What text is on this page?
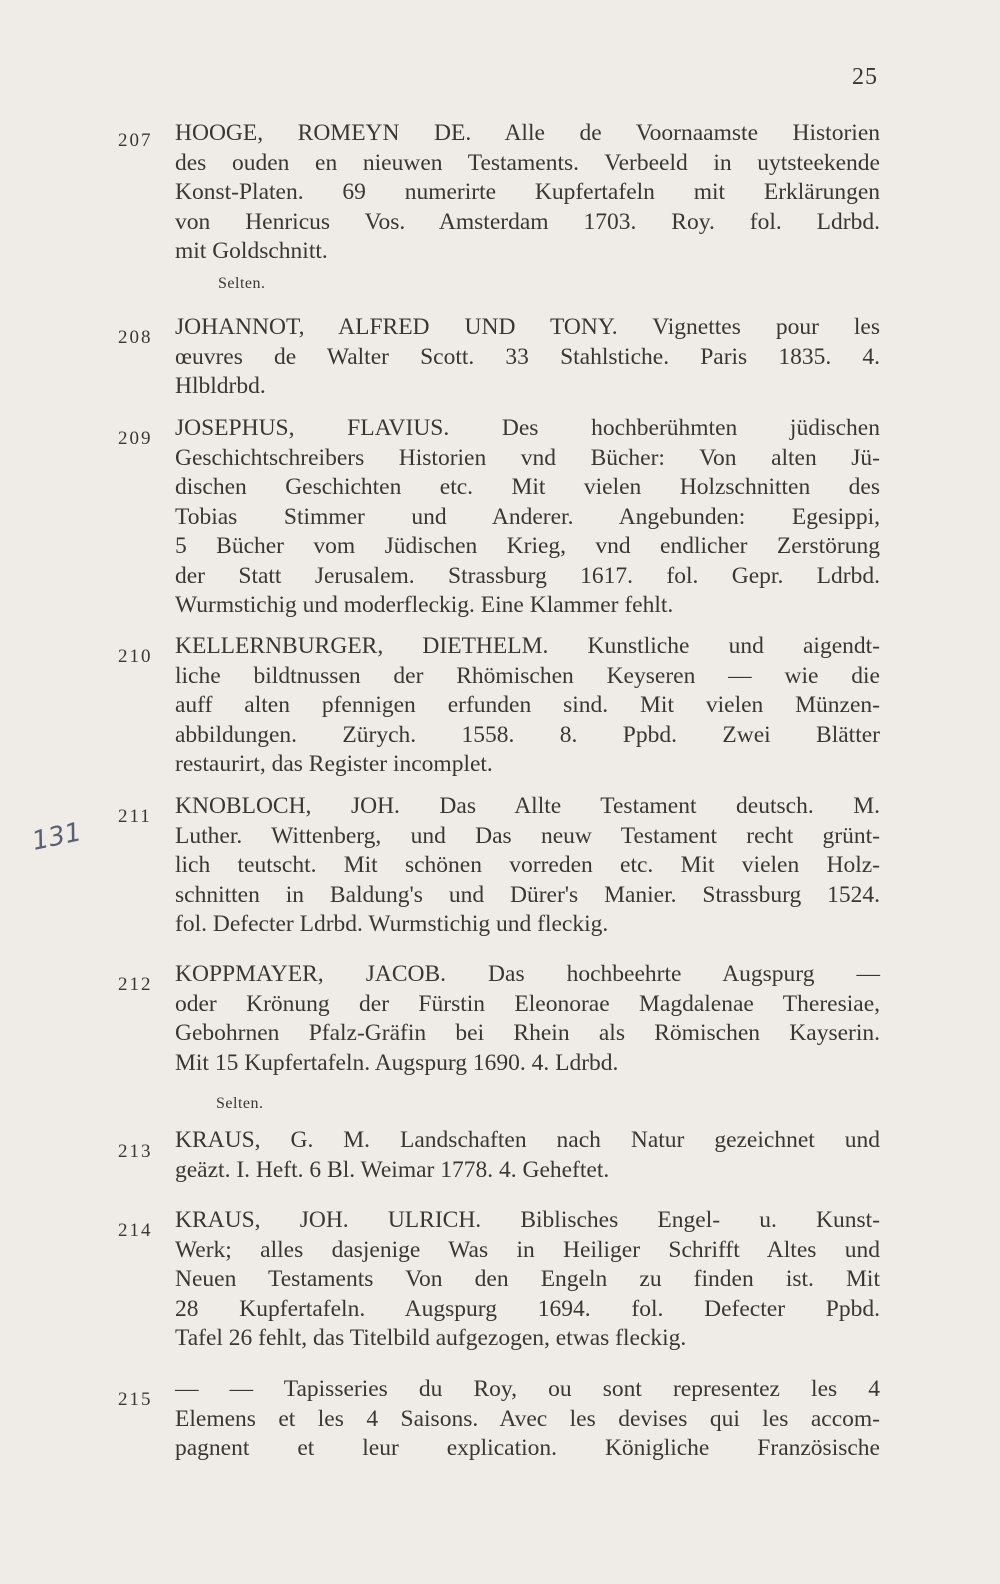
25
131
207 HOOGE, ROMEYN DE. Alle de Voornaamste Historien
des ouden en nieuwen Testaments. Verbeeld in uytsteekende
Konst-Platen. 69 numerirte Kupfertafeln mit Erklärungen
von Henricus Vos. Amsterdam 1703. Roy. fol. Ldrbd.
mit Goldschnitt.
Selten.
208 JOHANNOT, ALFRED UND TONY. Vignettes pour les
œuvres de Walter Scott. 33 Stahlstiche. Paris 1835. 4.
Hlbldrbd.
209 JOSEPHUS, FLAVIUS. Des hochberühmten jüdischen
Geschichtschreibers Historien vnd Bücher: Von alten Jü-
dischen Geschichten etc. Mit vielen Holzschnitten des
Tobias Stimmer und Anderer. Angebunden: Egesippi,
5 Bücher vom Jüdischen Krieg, vnd endlicher Zerstörung
der Statt Jerusalem. Strassburg 1617. fol. Gepr. Ldrbd.
Wurmstichig und moderfleckig. Eine Klammer fehlt.
210 KELLERNBURGER, DIETHELM. Kunstliche und aigendt-
liche bildtnussen der Rhömischen Keyseren — wie die
auff alten pfennigen erfunden sind. Mit vielen Münzen-
abbildungen. Zürych. 1558. 8. Ppbd. Zwei Blätter
restaurirt, das Register incomplet.
211 KNOBLOCH, JOH. Das Allte Testament deutsch. M.
Luther. Wittenberg, und Das neuw Testament recht grünt-
lich teutscht. Mit schönen vorreden etc. Mit vielen Holz-
schnitten in Baldung's und Dürer's Manier. Strassburg 1524.
fol. Defecter Ldrbd. Wurmstichig und fleckig.
212 KOPPMAYER, JACOB. Das hochbeehrte Augspurg —
oder Krönung der Fürstin Eleonorae Magdalenae Theresiae,
Gebohrnen Pfalz-Gräfin bei Rhein als Römischen Kayserin.
Mit 15 Kupfertafeln. Augspurg 1690. 4. Ldrbd.
Selten.
213 KRAUS, G. M. Landschaften nach Natur gezeichnet und
geäzt. I. Heft. 6 Bl. Weimar 1778. 4. Geheftet.
214 KRAUS, JOH. ULRICH. Biblisches Engel- u. Kunst-
Werk; alles dasjenige Was in Heiliger Schrifft Altes und
Neuen Testaments Von den Engeln zu finden ist. Mit
28 Kupfertafeln. Augspurg 1694. fol. Defecter Ppbd.
Tafel 26 fehlt, das Titelbild aufgezogen, etwas fleckig.
215 — — Tapisseries du Roy, ou sont representez les 4
Elemens et les 4 Saisons. Avec les devises qui les accom-
pagnent et leur explication. Königliche Französische
